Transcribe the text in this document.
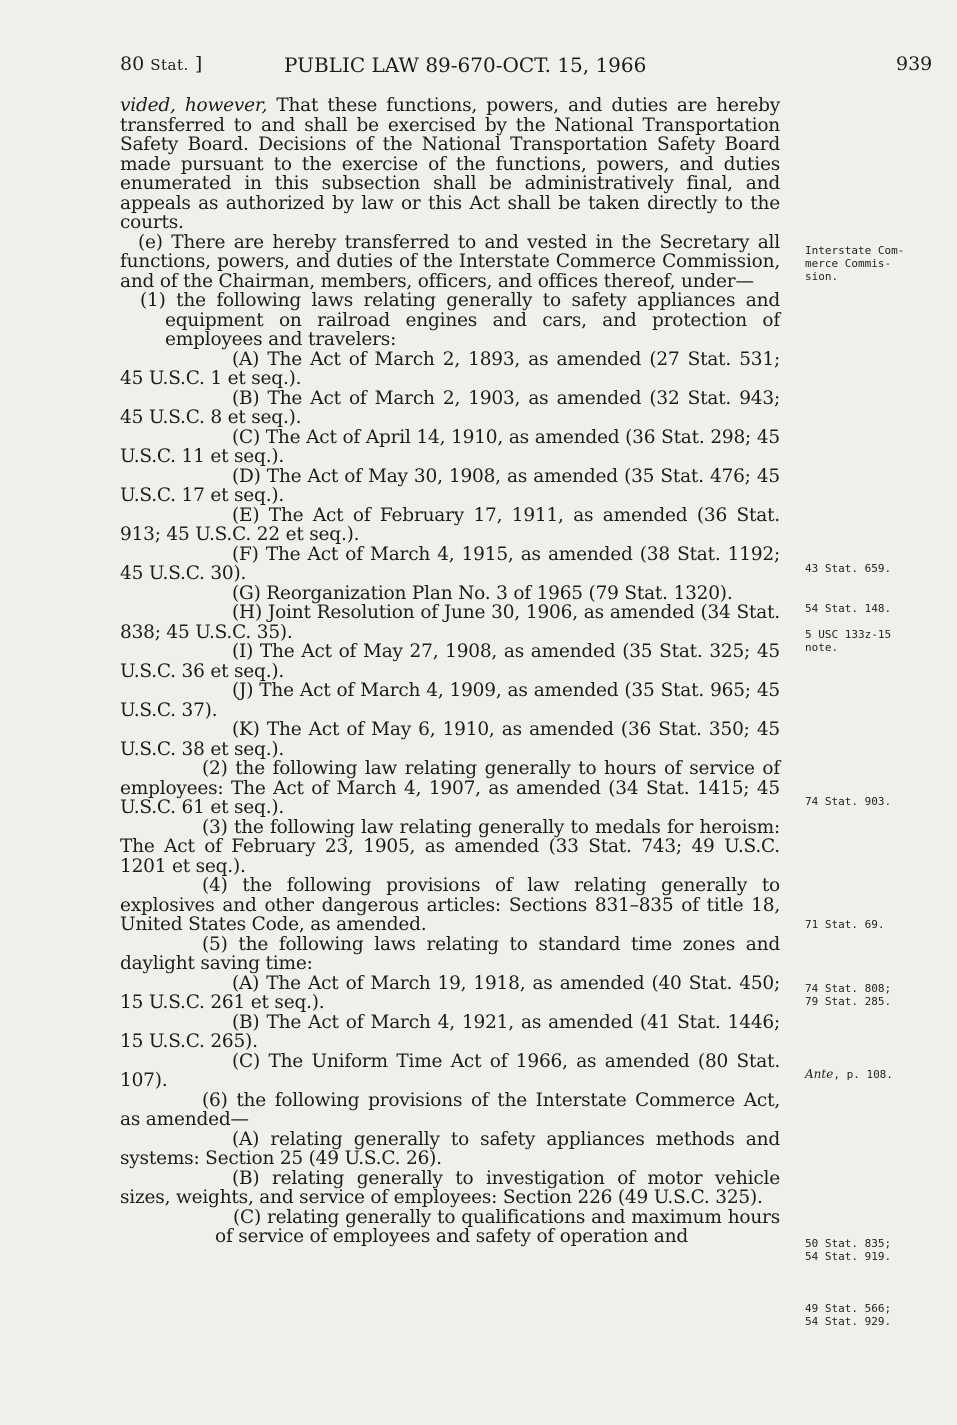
80 Stat. ]	PUBLIC LAW 89-670-OCT. 15, 1966	939

vided, however, That these functions, powers, and duties are hereby transferred to and shall be exercised by the National Transportation Safety Board. Decisions of the National Transportation Safety Board made pursuant to the exercise of the functions, powers, and duties enumerated in this subsection shall be administratively final, and appeals as authorized by law or this Act shall be taken directly to the courts.

(e) There are hereby transferred to and vested in the Secretary all functions, powers, and duties of the Interstate Commerce Commission, and of the Chairman, members, officers, and offices thereof, under—

(1) the following laws relating generally to safety appliances and equipment on railroad engines and cars, and protection of employees and travelers:

(A) The Act of March 2, 1893, as amended (27 Stat. 531; 45 U.S.C. 1 et seq.).

(B) The Act of March 2, 1903, as amended (32 Stat. 943; 45 U.S.C. 8 et seq.).

(C) The Act of April 14, 1910, as amended (36 Stat. 298; 45 U.S.C. 11 et seq.).

(D) The Act of May 30, 1908, as amended (35 Stat. 476; 45 U.S.C. 17 et seq.).

(E) The Act of February 17, 1911, as amended (36 Stat. 913; 45 U.S.C. 22 et seq.).

(F) The Act of March 4, 1915, as amended (38 Stat. 1192; 45 U.S.C. 30).

(G) Reorganization Plan No. 3 of 1965 (79 Stat. 1320).

(H) Joint Resolution of June 30, 1906, as amended (34 Stat. 838; 45 U.S.C. 35).

(I) The Act of May 27, 1908, as amended (35 Stat. 325; 45 U.S.C. 36 et seq.).

(J) The Act of March 4, 1909, as amended (35 Stat. 965; 45 U.S.C. 37).

(K) The Act of May 6, 1910, as amended (36 Stat. 350; 45 U.S.C. 38 et seq.).

(2) the following law relating generally to hours of service of employees: The Act of March 4, 1907, as amended (34 Stat. 1415; 45 U.S.C. 61 et seq.).

(3) the following law relating generally to medals for heroism: The Act of February 23, 1905, as amended (33 Stat. 743; 49 U.S.C. 1201 et seq.).

(4) the following provisions of law relating generally to explosives and other dangerous articles: Sections 831–835 of title 18, United States Code, as amended.

(5) the following laws relating to standard time zones and daylight saving time:

(A) The Act of March 19, 1918, as amended (40 Stat. 450; 15 U.S.C. 261 et seq.).

(B) The Act of March 4, 1921, as amended (41 Stat. 1446; 15 U.S.C. 265).

(C) The Uniform Time Act of 1966, as amended (80 Stat. 107).

(6) the following provisions of the Interstate Commerce Act, as amended—

(A) relating generally to safety appliances methods and systems: Section 25 (49 U.S.C. 26).

(B) relating generally to investigation of motor vehicle sizes, weights, and service of employees: Section 226 (49 U.S.C. 325).

(C) relating generally to qualifications and maximum hours of service of employees and safety of operation and

Interstate Com-
merce Commis-
sion.
43 Stat. 659.
54 Stat. 148.
5 USC 133z-15
note.
74 Stat. 903.
71 Stat. 69.
74 Stat. 808;
79 Stat. 285.
Ante, p. 108.
50 Stat. 835;
54 Stat. 919.
49 Stat. 566;
54 Stat. 929.
